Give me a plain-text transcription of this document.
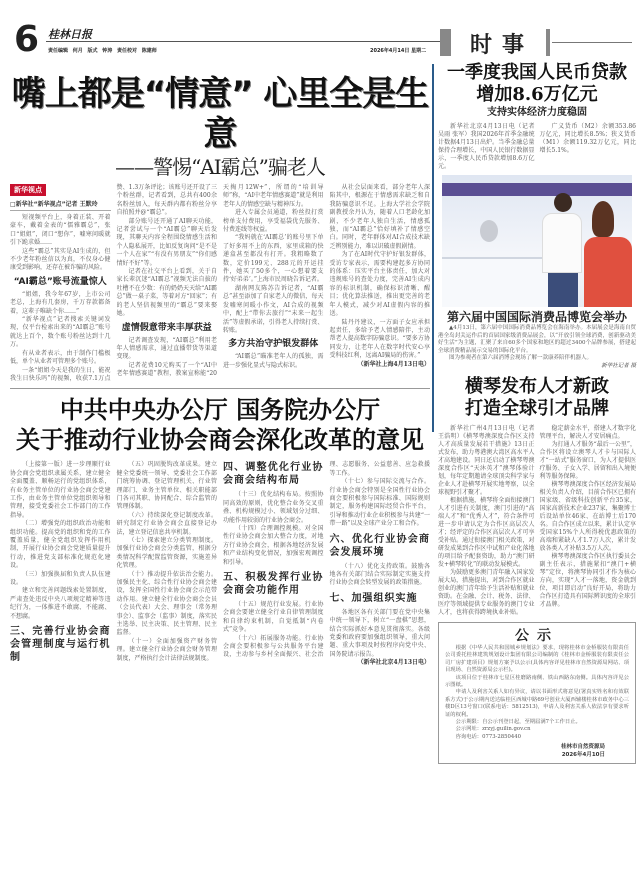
6 桂林日报
责任编辑 何月 版式 钟涛 责任校对 陈建师	2026年4月14日 星期二 时事
嘴上都是“情意” 心里全是生意
——警惕“AI霸总”骗老人
新华视点
□新华社“新华视点”记者 王默玲

短视频平台上，身着正装、开着豪车，戴着金表的“儒雅霸总”，张口“姐姐”，闭口“想你”，嘘寒问暖就引下跪求婚……

这些“霸总”其实是AI生成的，但不少老年粉丝信以为真，不仅身心健康受到影响，还存在被诈骗的风险。

“AI霸总”账号流量惊人

“姐姐，我今年67岁，上市公司老总，上海有几套房，千万存款都备着，这辈子唯缺个你……”

“新华视点”记者搜索关键词发现，仅平台检索出来的“AI霸总”账号就达上百个，数个账号粉丝达到十几万。

有从业者表示，由于制作门槛极低，单个从业者可管理多个账号。

一条“姐姐今天是我的生日，能祝我生日快乐吗”的视频，收获7.1万点赞、1.3万条评论；该账号还开设了三个粉丝群，记者看到，总共有400余名粉丝加入，每天群内都有粉丝分享自拍照并@“霸总”。

部分账号还开通了AI聊天功能，记者尝试与一个“AI霸总”聊天后发现，其聊天内容全程围绕情感生活和个人隐私展开，比如反复询问“是不是一个人在家”“有没有男朋友”“你们感情好不好”等。

记者在社交平台上看到，关于自家长辈沉迷“AI霸总”视频无法自拔的吐槽不在少数：有的奶奶天天给“AI霸总”做一桌子菜，等着对方“回家”；有的老人坚信视频里的“霸总”要来娶她。

虚情假意带来丰厚获益

记者调查发现，“AI霸总”利用老年人情感需求，通过直播带货等渠道变现。

记者花费10元购买了一个“AI中老年情感赛道”教程，教案宣称能“20天掏月12W+”，所谓的“培训导师”称，“AI中老年情感赛道”就是利用老年人的情感空缺与精神压力。

进入专属会员通道，粉丝投打赏榜单支付费用，享受福袋优先服务、付费连线等权益。

“我妈就在‘AI霸总’的账号里下单了好多用不上的东西，家里成箱的快递盒甚至都没有打开。我粗略数了数，定价199元、288元的开运挂件，她买了50多个，一心想着要支持‘好弟弟’。”上海市民周晓告诉记者。

湖南网友陈苏告诉记者，“AI霸总”甚至添加了自家老人的微信，每天发嘘寒问暖小作文，AI合成的视频中，配上“带你去旅行”“未来一起生活”等虚假承诺，引得老人持续打赏、转账。

多方共治守护银发群体

“AI霸总”瞄准老年人的孤独，需进一步强化显式与隐式标识。

从社会层面来看，部分老年人深陷其中，根源在于情感需求缺乏和自我防骗意识不足。上海大学社会学院副教授余丹认为，随着人口老龄化加剧，不少老年人独自生活，情感孤独，而“AI霸总”恰好填补了情感空白。同时，老年群体对AI合成技术缺乏辨别能力，难以识破虚假剧情。

为了在AI时代守护好银发群体，受访专家表示，需要构建起多方协同的体系：压实平台主体责任，加大对违规账号的查处力度，完善AI生成内容的标识机制，确保标识清晰、醒目；优化算法推送，推出更完善的老年人模式，减少对AI虚假内容的推送。

陆丹丹建议，一方面子女应承担起责任，多给予老人情感陪伴，主动帮老人提高数字防骗意识。“要多方协同发力，让老年人在数字时代安心享受科技红利，远离AI骗局的伤害。”

（新华社上海4月13日电）
中共中央办公厅 国务院办公厅
关于推动行业协会商会深化改革的意见

（上接第一版）进一步理顺行业协会商会党组织隶属关系，建立健全全面覆盖、顺畅运行的党组织体系，有业务主管单位的行业协会商会党建工作，由业务主管单位党组织领导和管理，接受党委社会工作部门的工作指导。

（二）增强党的组织政治功能和组织功能。提高党的组织和党的工作覆盖质量，健全党组织发挥作用机制，开展行业协会商会党建质量提升行动，推进党支部标准化规范化建设。

（三）加强换届和负责人队伍建设。

建立和完善问题线索处置制度，严肃查处违反中央八项规定精神等违纪行为，一体推进不敢腐、不能腐、不想腐。

三、完善行业协会商会管理制度与运行机制

（五）巩固脱钩改革成果。建立健全党委统一领导、党委社会工作部门统筹协调、登记管理机关、行业管理部门、业务主管单位、相关职能部门各司其职、协同配合、综合监管的管理体制。

（六）持续深化登记制度改革。研究制定行业协会商会直接登记办法，建立登记信息共享机制。

（七）探索建立分类管理制度。加强行业协会商会分类监管，根据分类情况科学配置监管资源，实施差异化管理。

（十）推动提升依法治会能力。加强民主化、综合性行业协会商会建设，发挥全国性行业协会商会示范带动作用。建立健全行业协会商会会员（会员代表）大会、理事会（常务理事会）、监事会（监事）制度，落实民主选举、民主决策、民主管理、民主监督。

（十一）全面加强资产财务管理。建立健全行业协会商会财务管理制度，严格执行会计法律法规制度。

四、调整优化行业协会商会结构布局

（十三）优化结构布局。按照协同高效的原则，优化整合业务交叉重叠、机构规模过小、领域划分过细、功能作用较弱的行业协会商会。

（十四）合理调控规模。对全国性行业协会商会加大整合力度，对地方行业协会商会，根据各地经济发展和产业结构变化情况，加强宏观调控和引导。

五、积极发挥行业协会商会功能作用

（十五）规范行业发展。行业协会商会要建立健全行业自律管理制度和自律约束机制，自觉抵制“内卷式”竞争。

（十六）拓展服务功能。行业协会商会要积极参与公共服务平台建设，主动参与乡村全面振兴、社会治理、志愿服务、公益慈善、应急救援等工作。

（十七）参与国际交流与合作。行业协会商会特别是全国性行业协会商会要积极参与国际标准、国际规则制定，服务构建国际经贸合作平台，引导和推动行业企业积极参与共建“一带一路”以及全球产业分工和合作。

六、优化行业协会商会发展环境

（十八）优化支持政策。鼓励各地各有关部门结合实际制定实施支持行业协会商会转型发展的政策措施。

七、加强组织实施

各地区各有关部门要在党中央集中统一领导下，树立“一盘棋”思想，结合实际抓好本意见贯彻落实。各级党委和政府要加强组织领导，重大问题、重大事项及时按程序向党中央、国务院请示报告。

（新华社北京4月13日电）
一季度我国人民币贷款
增加8.6万亿元
支持实体经济力度稳固

新华社北京4月13日电（记者 吴雨 张军）我国2026年首季金融统计数据4月13日出炉。当季金融总量保持合理增长，中国人民银行数据显示，一季度人民币贷款增加8.6万亿元。

广义货币（M2）余额353.86万亿元，同比增长8.5%；狭义货币（M1）余额119.32万亿元，同比增长5.1%。

第六届中国国际消费品博览会举办

▲4月13日，第六届中国国际消费品博览会在海南举办。本届展会是海南自贸港全岛封关运作后的首届国家级消费品展会，以“开放引领全球消费，创新驱动美好生活”为主题，汇聚了来自60多个国家和地区的超过3400个品牌参展，搭建起全球消费精品展示交易的国际化平台。

图为参观者在第六届消博会现场了解一款康养陪伴机器人。

新华社记者 摄
横琴发布人才新政
打造全球引才品牌

新华社广州4月13日电（记者 王浩明）《横琴粤澳深度合作区支持人才高质量发展若干措施》13日正式发布，助力粤港澳大湾区高水平人才高地建设。同日还启动了横琴粤澳深度合作区“天沐英才”澳琴体验计划，每年定期邀请全球顶尖科学家与企业人才赴横琴开展实地考察，以全球视野引才聚才。

根据措施，横琴将全面衔接澳门人才引进有关制度，澳门引进的“高端人才”和“优秀人才”，符合条件可进一步申请认定为合作区高层次人才；经评定的合作区高层次人才可享受补贴。通过衔接澳门相关政策，对研发成果到合作区中试和产业化落地的项目给予配套资助，助力“澳门研发+横琴转化”的联动发展模式。

为鼓励更多澳门青年融入国家发展大局，措施提出，对到合作区就业创业的澳门青年给予生活补贴和就业资助。在金融、会计、税务、法律、医疗等领域提供专业服务的澳门专业人才，也将获得跨境执业补贴。

稳定薪金水平，搭建人才数字化管理平台，解决人才安居痛点。

为打通人才服务“最后一公里”，合作区将设立澳琴人才卡与国际人才“一站式”服务窗口，为人才提供医疗服务、子女入学、居留和出入境便利等服务保障。

横琴粤澳深度合作区经济发展局相关负责人介绍，目前合作区已拥有国家级、省级科技创新平台35家，国家高新技术企业237家，集聚博士后设站单位46家、在站博士后170名。自合作区成立以来，累计认定享受国家15%个人所得税优惠政策的高端和紧缺人才1.7万人次，累计发放各类人才补贴3.5万人次。

横琴粤澳深度合作区执行委员会副主任表示，措施紧扣“澳门+横琴”定位，将澳琴协同引才作为核心方向，实现“人才一落地，资金就到位，项目即启动”良好开局，将助力合作区打造具有国际辨识度的全球引才品牌。

公示

根据《中华人民共和国城乡规划法》要求，现将桂林市金桥服装有限责任公司委托桂林建筑规划设计集团有限公司编制的《桂林市金桥服装有限责任公司厂房扩建项目》规划方案予以公示(具体内容详见桂林市自然资源局网站、项目现场、自然资源局公示栏)。

该项目位于桂林市七星区桂磨路南侧、铁山西路东南侧。具体内容详见公示图纸。

申请人及利害关系人如有异议，请以书面形式将意见(署真实姓名和有效联系方式)于公示期内送达临桂区西城中路69号创业大厦西辅楼桂林市政务中心三楼D区13号窗口(联系电话：5812513)，申请人及利害关系人依法享有要求听证的权利。

公示期限：自公示刊登日起，至期届满7个工作日止。

公示网址：zrzyj.guilin.gov.cn

咨询电话：0773-2850440

桂林市自然资源局
2026年4月10日
